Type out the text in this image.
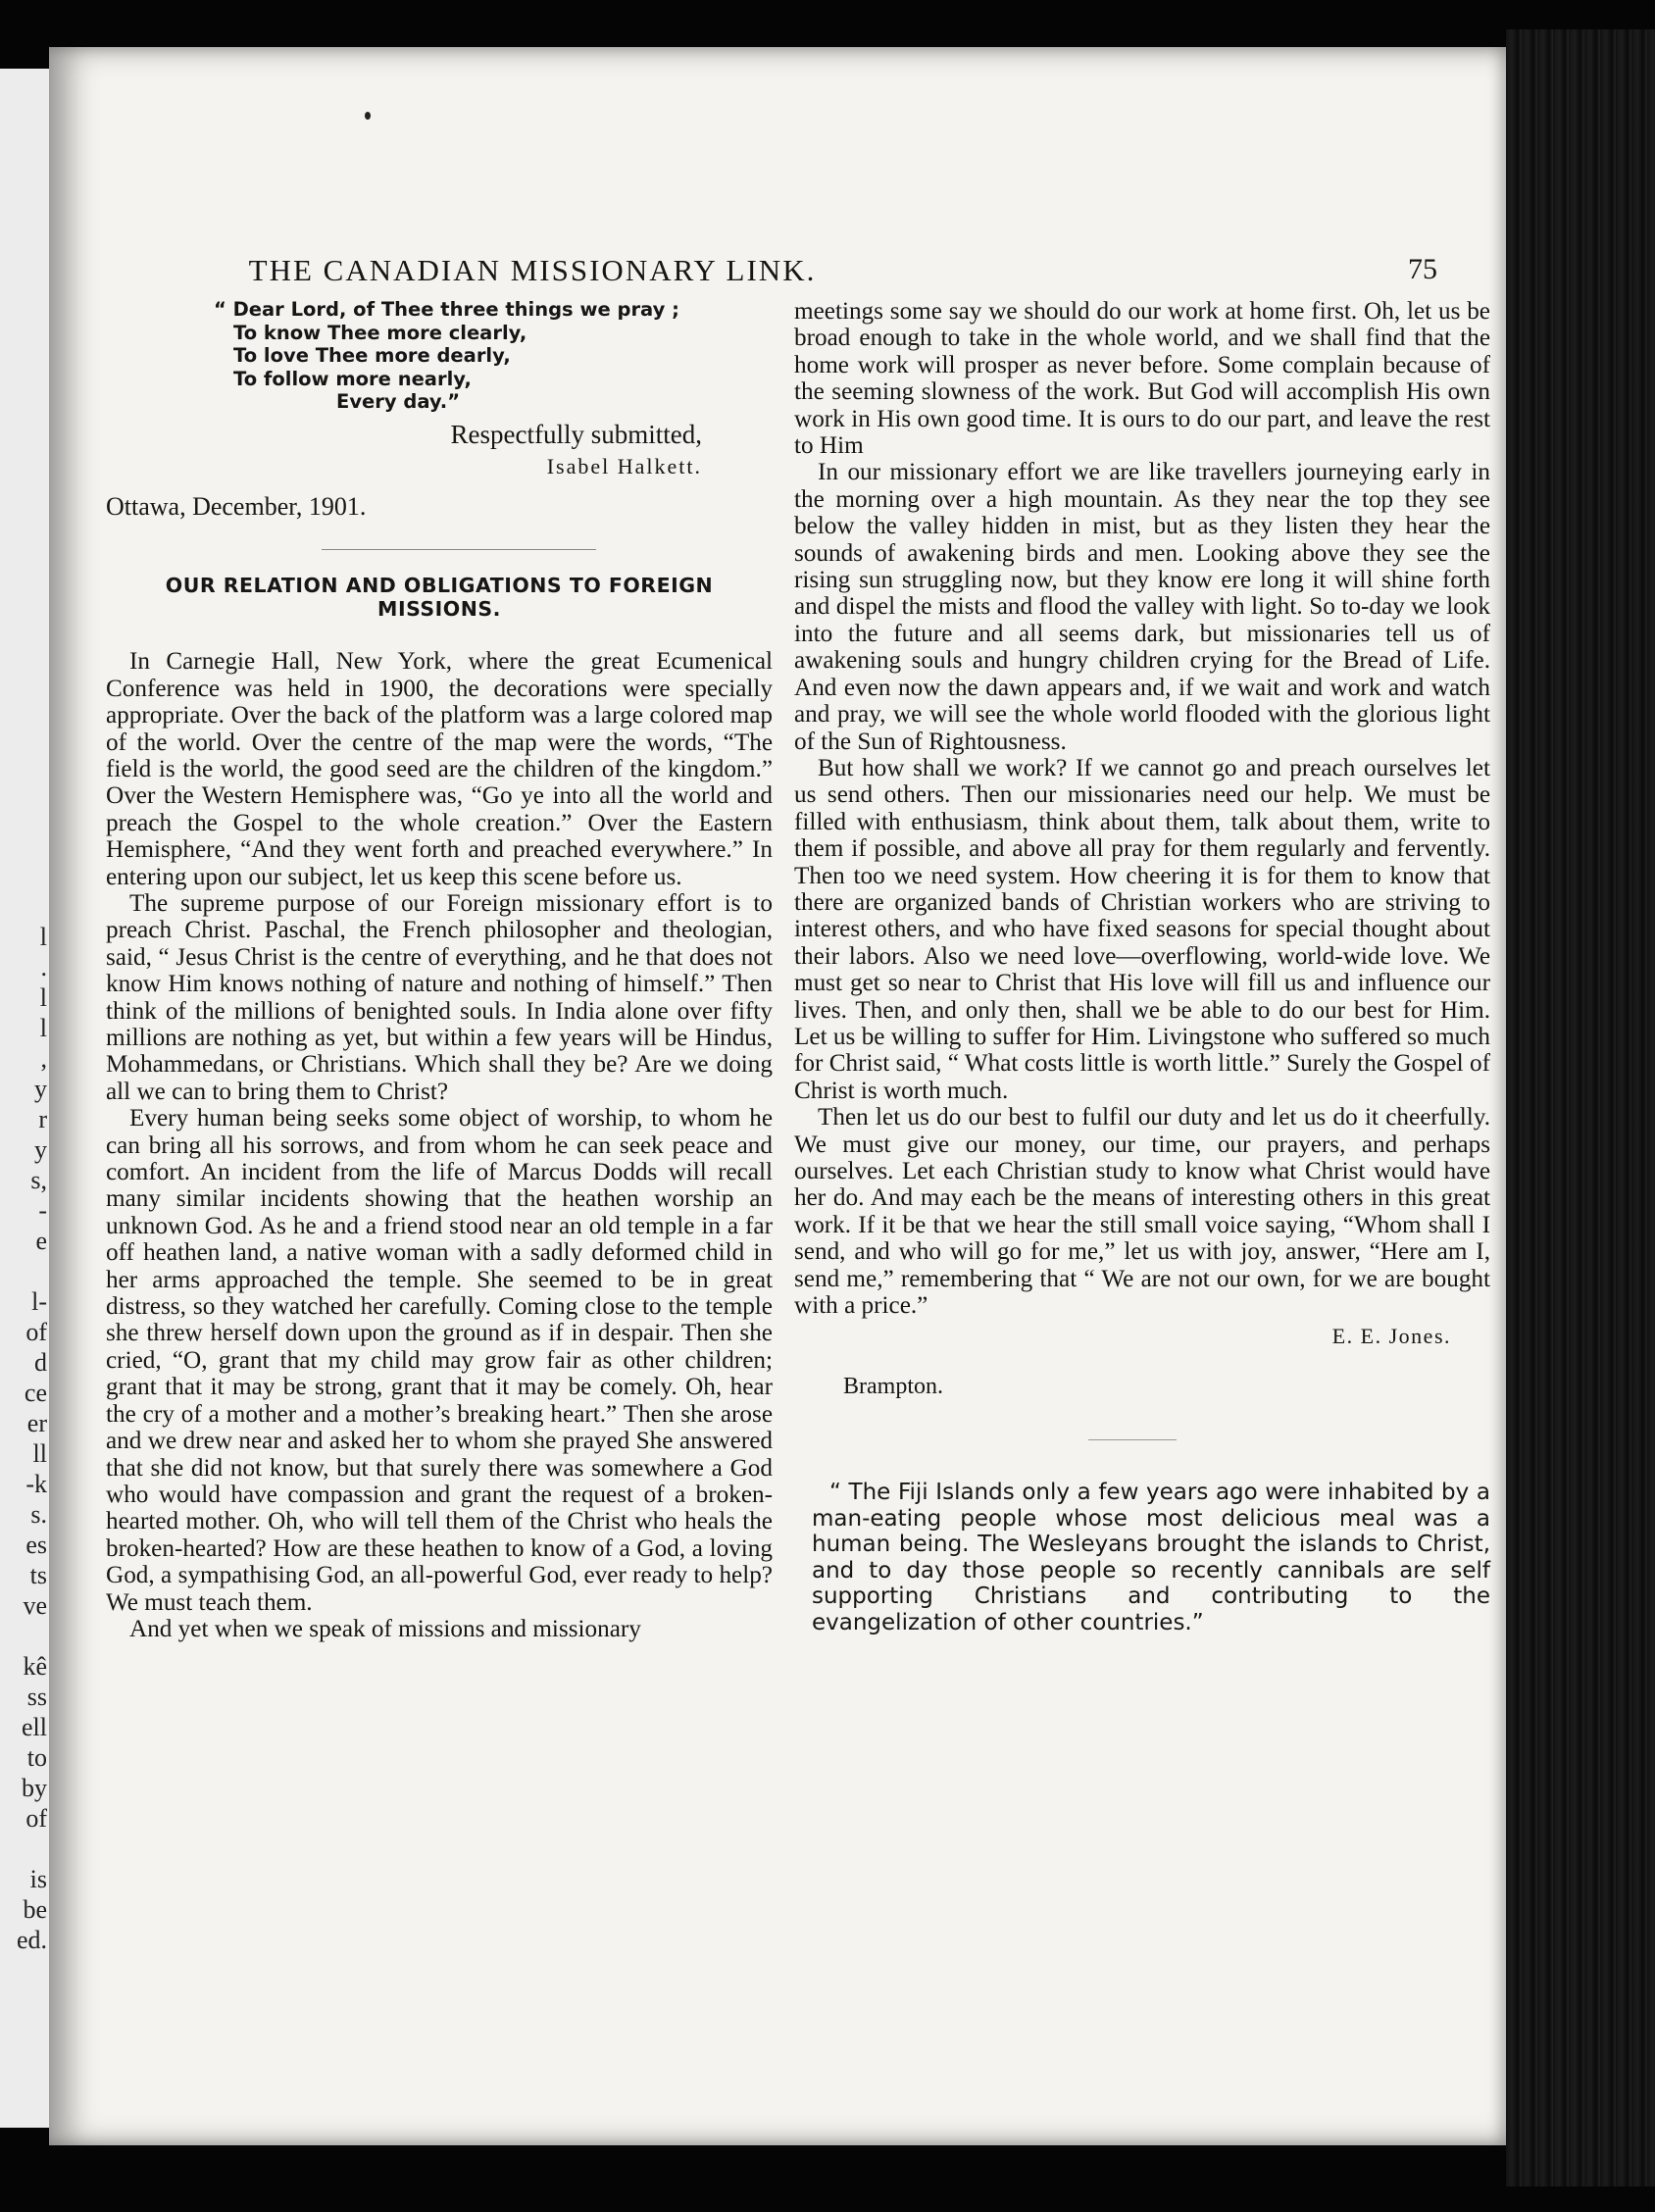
l
.
l
l
,
y
r
y
s,
-
e

l-
of
d
ce
er
ll
-k
s.
es
ts
ve

kê
ss
ell
to
by
of

is
be
ed.
THE CANADIAN MISSIONARY LINK.	75
“ Dear Lord, of Thee three things we pray ;
To know Thee more clearly,
To love Thee more dearly,
To follow more nearly,
Every day.”
Respectfully submitted,
Isabel Halkett.
Ottawa, December, 1901.
OUR RELATION AND OBLIGATIONS TO FOREIGN MISSIONS.

In Carnegie Hall, New York, where the great Ecumenical Conference was held in 1900, the decorations were specially appropriate. Over the back of the platform was a large colored map of the world. Over the centre of the map were the words, “The field is the world, the good seed are the children of the kingdom.” Over the Western Hemisphere was, “Go ye into all the world and preach the Gospel to the whole creation.” Over the Eastern Hemisphere, “And they went forth and preached everywhere.” In entering upon our subject, let us keep this scene before us.

The supreme purpose of our Foreign missionary effort is to preach Christ. Paschal, the French philosopher and theologian, said, “ Jesus Christ is the centre of everything, and he that does not know Him knows nothing of nature and nothing of himself.” Then think of the millions of benighted souls. In India alone over fifty millions are nothing as yet, but within a few years will be Hindus, Mohammedans, or Christians. Which shall they be? Are we doing all we can to bring them to Christ?

Every human being seeks some object of worship, to whom he can bring all his sorrows, and from whom he can seek peace and comfort. An incident from the life of Marcus Dodds will recall many similar incidents showing that the heathen worship an unknown God. As he and a friend stood near an old temple in a far off heathen land, a native woman with a sadly deformed child in her arms approached the temple. She seemed to be in great distress, so they watched her carefully. Coming close to the temple she threw herself down upon the ground as if in despair. Then she cried, “O, grant that my child may grow fair as other children; grant that it may be strong, grant that it may be comely. Oh, hear the cry of a mother and a mother’s breaking heart.” Then she arose and we drew near and asked her to whom she prayed She answered that she did not know, but that surely there was somewhere a God who would have compassion and grant the request of a broken-hearted mother. Oh, who will tell them of the Christ who heals the broken-hearted? How are these heathen to know of a God, a loving God, a sympathising God, an all-powerful God, ever ready to help? We must teach them.

And yet when we speak of missions and missionary

meetings some say we should do our work at home first. Oh, let us be broad enough to take in the whole world, and we shall find that the home work will prosper as never before. Some complain because of the seeming slowness of the work. But God will accomplish His own work in His own good time. It is ours to do our part, and leave the rest to Him

In our missionary effort we are like travellers journeying early in the morning over a high mountain. As they near the top they see below the valley hidden in mist, but as they listen they hear the sounds of awakening birds and men. Looking above they see the rising sun struggling now, but they know ere long it will shine forth and dispel the mists and flood the valley with light. So to-day we look into the future and all seems dark, but missionaries tell us of awakening souls and hungry children crying for the Bread of Life. And even now the dawn appears and, if we wait and work and watch and pray, we will see the whole world flooded with the glorious light of the Sun of Rightousness.

But how shall we work? If we cannot go and preach ourselves let us send others. Then our missionaries need our help. We must be filled with enthusiasm, think about them, talk about them, write to them if possible, and above all pray for them regularly and fervently. Then too we need system. How cheering it is for them to know that there are organized bands of Christian workers who are striving to interest others, and who have fixed seasons for special thought about their labors. Also we need love—overflowing, world-wide love. We must get so near to Christ that His love will fill us and influence our lives. Then, and only then, shall we be able to do our best for Him. Let us be willing to suffer for Him. Livingstone who suffered so much for Christ said, “ What costs little is worth little.” Surely the Gospel of Christ is worth much.

Then let us do our best to fulfil our duty and let us do it cheerfully. We must give our money, our time, our prayers, and perhaps ourselves. Let each Christian study to know what Christ would have her do. And may each be the means of interesting others in this great work. If it be that we hear the still small voice saying, “Whom shall I send, and who will go for me,” let us with joy, answer, “Here am I, send me,” remembering that “ We are not our own, for we are bought with a price.”

E. E. Jones.
Brampton.

“ The Fiji Islands only a few years ago were inhabited by a man-eating people whose most delicious meal was a human being. The Wesleyans brought the islands to Christ, and to day those people so recently cannibals are self supporting Christians and contributing to the evangelization of other countries.”
